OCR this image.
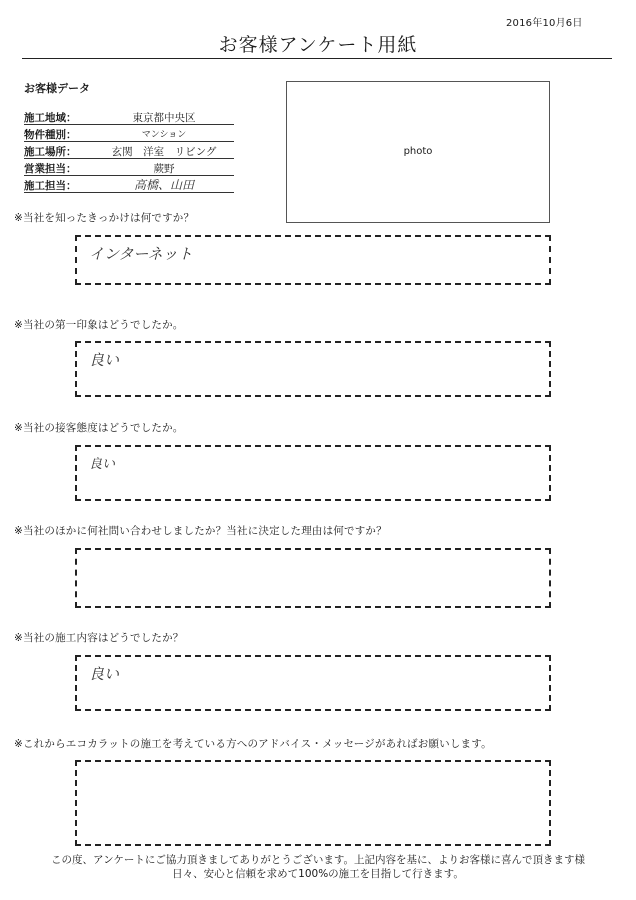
2016年10月6日
お客様アンケート用紙
お客様データ
施工地域：	東京都中央区
物件種別：	マンション
施工場所：	玄関　洋室　リビング
営業担当：	蕨野
施工担当：	高橋、山田
photo
※当社を知ったきっかけは何ですか？
インターネット
※当社の第一印象はどうでしたか。
良い
※当社の接客態度はどうでしたか。
良い
※当社のほかに何社問い合わせしましたか？当社に決定した理由は何ですか？
※当社の施工内容はどうでしたか？
良い
※これからエコカラットの施工を考えている方へのアドバイス・メッセージがあればお願いします。
この度、アンケートにご協力頂きましてありがとうございます。上記内容を基に、よりお客様に喜んで頂きます様
日々、安心と信頼を求めて100%の施工を目指して行きます。
